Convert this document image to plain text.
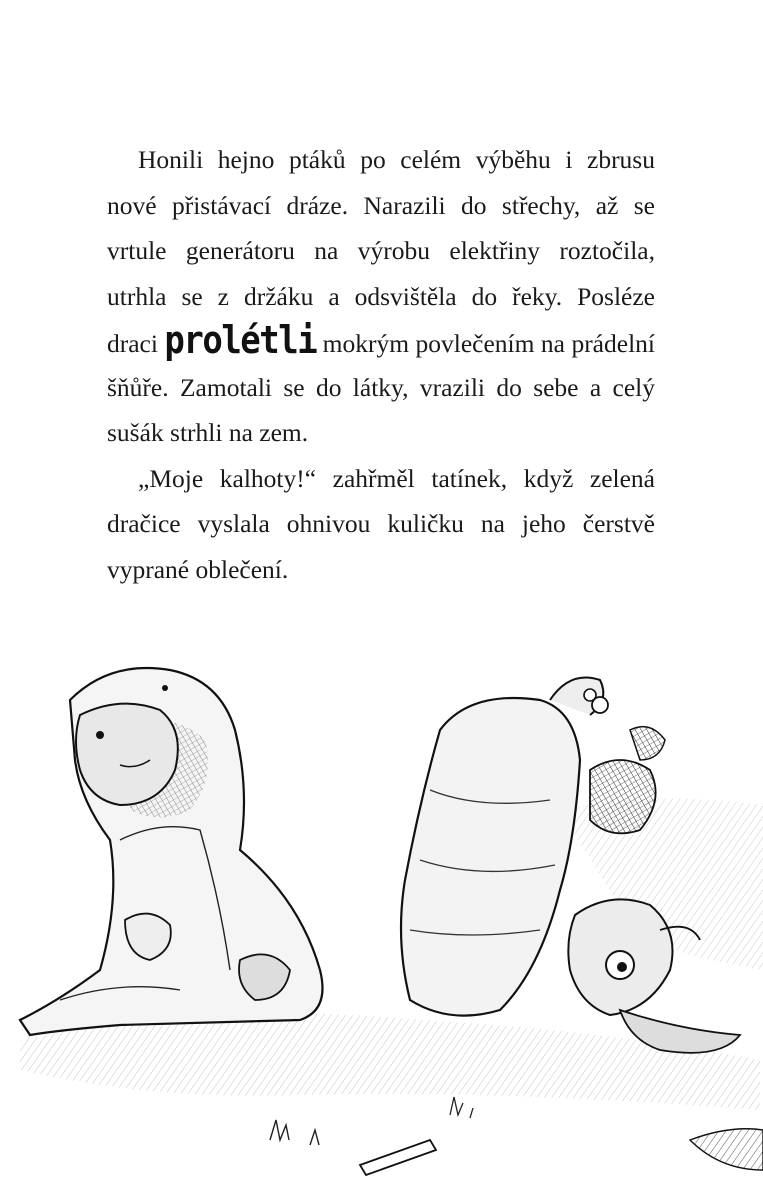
Honili hejno ptáků po celém výběhu i zbrusu
nové přistávací dráze. Narazili do střechy, až se
vrtule generátoru na výrobu elektřiny roztočila,
utrhla se z držáku a odsvištěla do řeky. Posléze
draci prolétli mokrým povlečením na prádelní
šňůře. Zamotali se do látky, vrazili do sebe a celý
sušák strhli na zem.
„Moje kalhoty!“ zahřměl tatínek, když zelená
dračice vyslala ohnivou kuličku na jeho čerstvě
vyprané oblečení.
